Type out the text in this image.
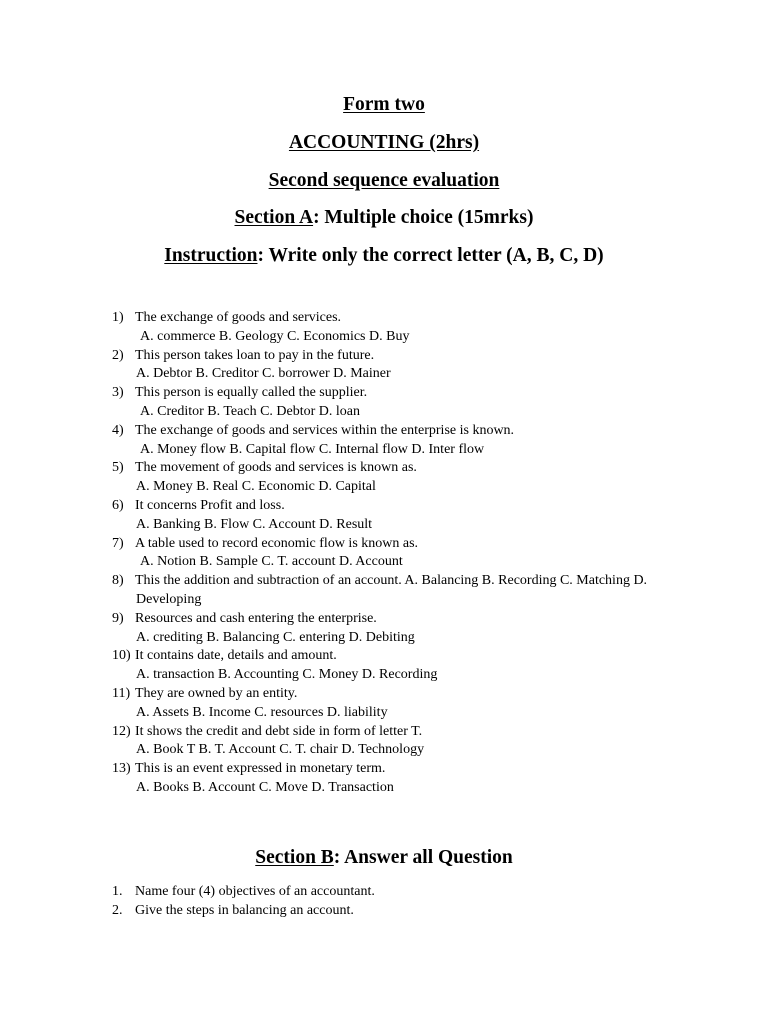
Form two
ACCOUNTING (2hrs)
Second sequence evaluation
Section A: Multiple choice (15mrks)
Instruction: Write only the correct letter (A, B, C, D)
1) The exchange of goods and services.
A. commerce B. Geology C. Economics D. Buy
2) This person takes loan to pay in the future.
A. Debtor B. Creditor C. borrower D. Mainer
3) This person is equally called the supplier.
A. Creditor B. Teach C. Debtor D. loan
4) The exchange of goods and services within the enterprise is known.
A. Money flow B. Capital flow C. Internal flow D. Inter flow
5) The movement of goods and services is known as.
A. Money B. Real C. Economic D. Capital
6) It concerns Profit and loss.
A. Banking B. Flow C. Account D. Result
7) A table used to record economic flow is known as.
A. Notion B. Sample C. T. account D. Account
8) This the addition and subtraction of an account. A. Balancing B. Recording C. Matching D.
Developing
9) Resources and cash entering the enterprise.
A. crediting B. Balancing C. entering D. Debiting
10) It contains date, details and amount.
A. transaction B. Accounting C. Money D. Recording
11) They are owned by an entity.
A. Assets B. Income C. resources D. liability
12) It shows the credit and debt side in form of letter T.
A. Book T B. T. Account C. T. chair D. Technology
13) This is an event expressed in monetary term.
A. Books B. Account C. Move D. Transaction
Section B: Answer all Question
1. Name four (4) objectives of an accountant.
2. Give the steps in balancing an account.
